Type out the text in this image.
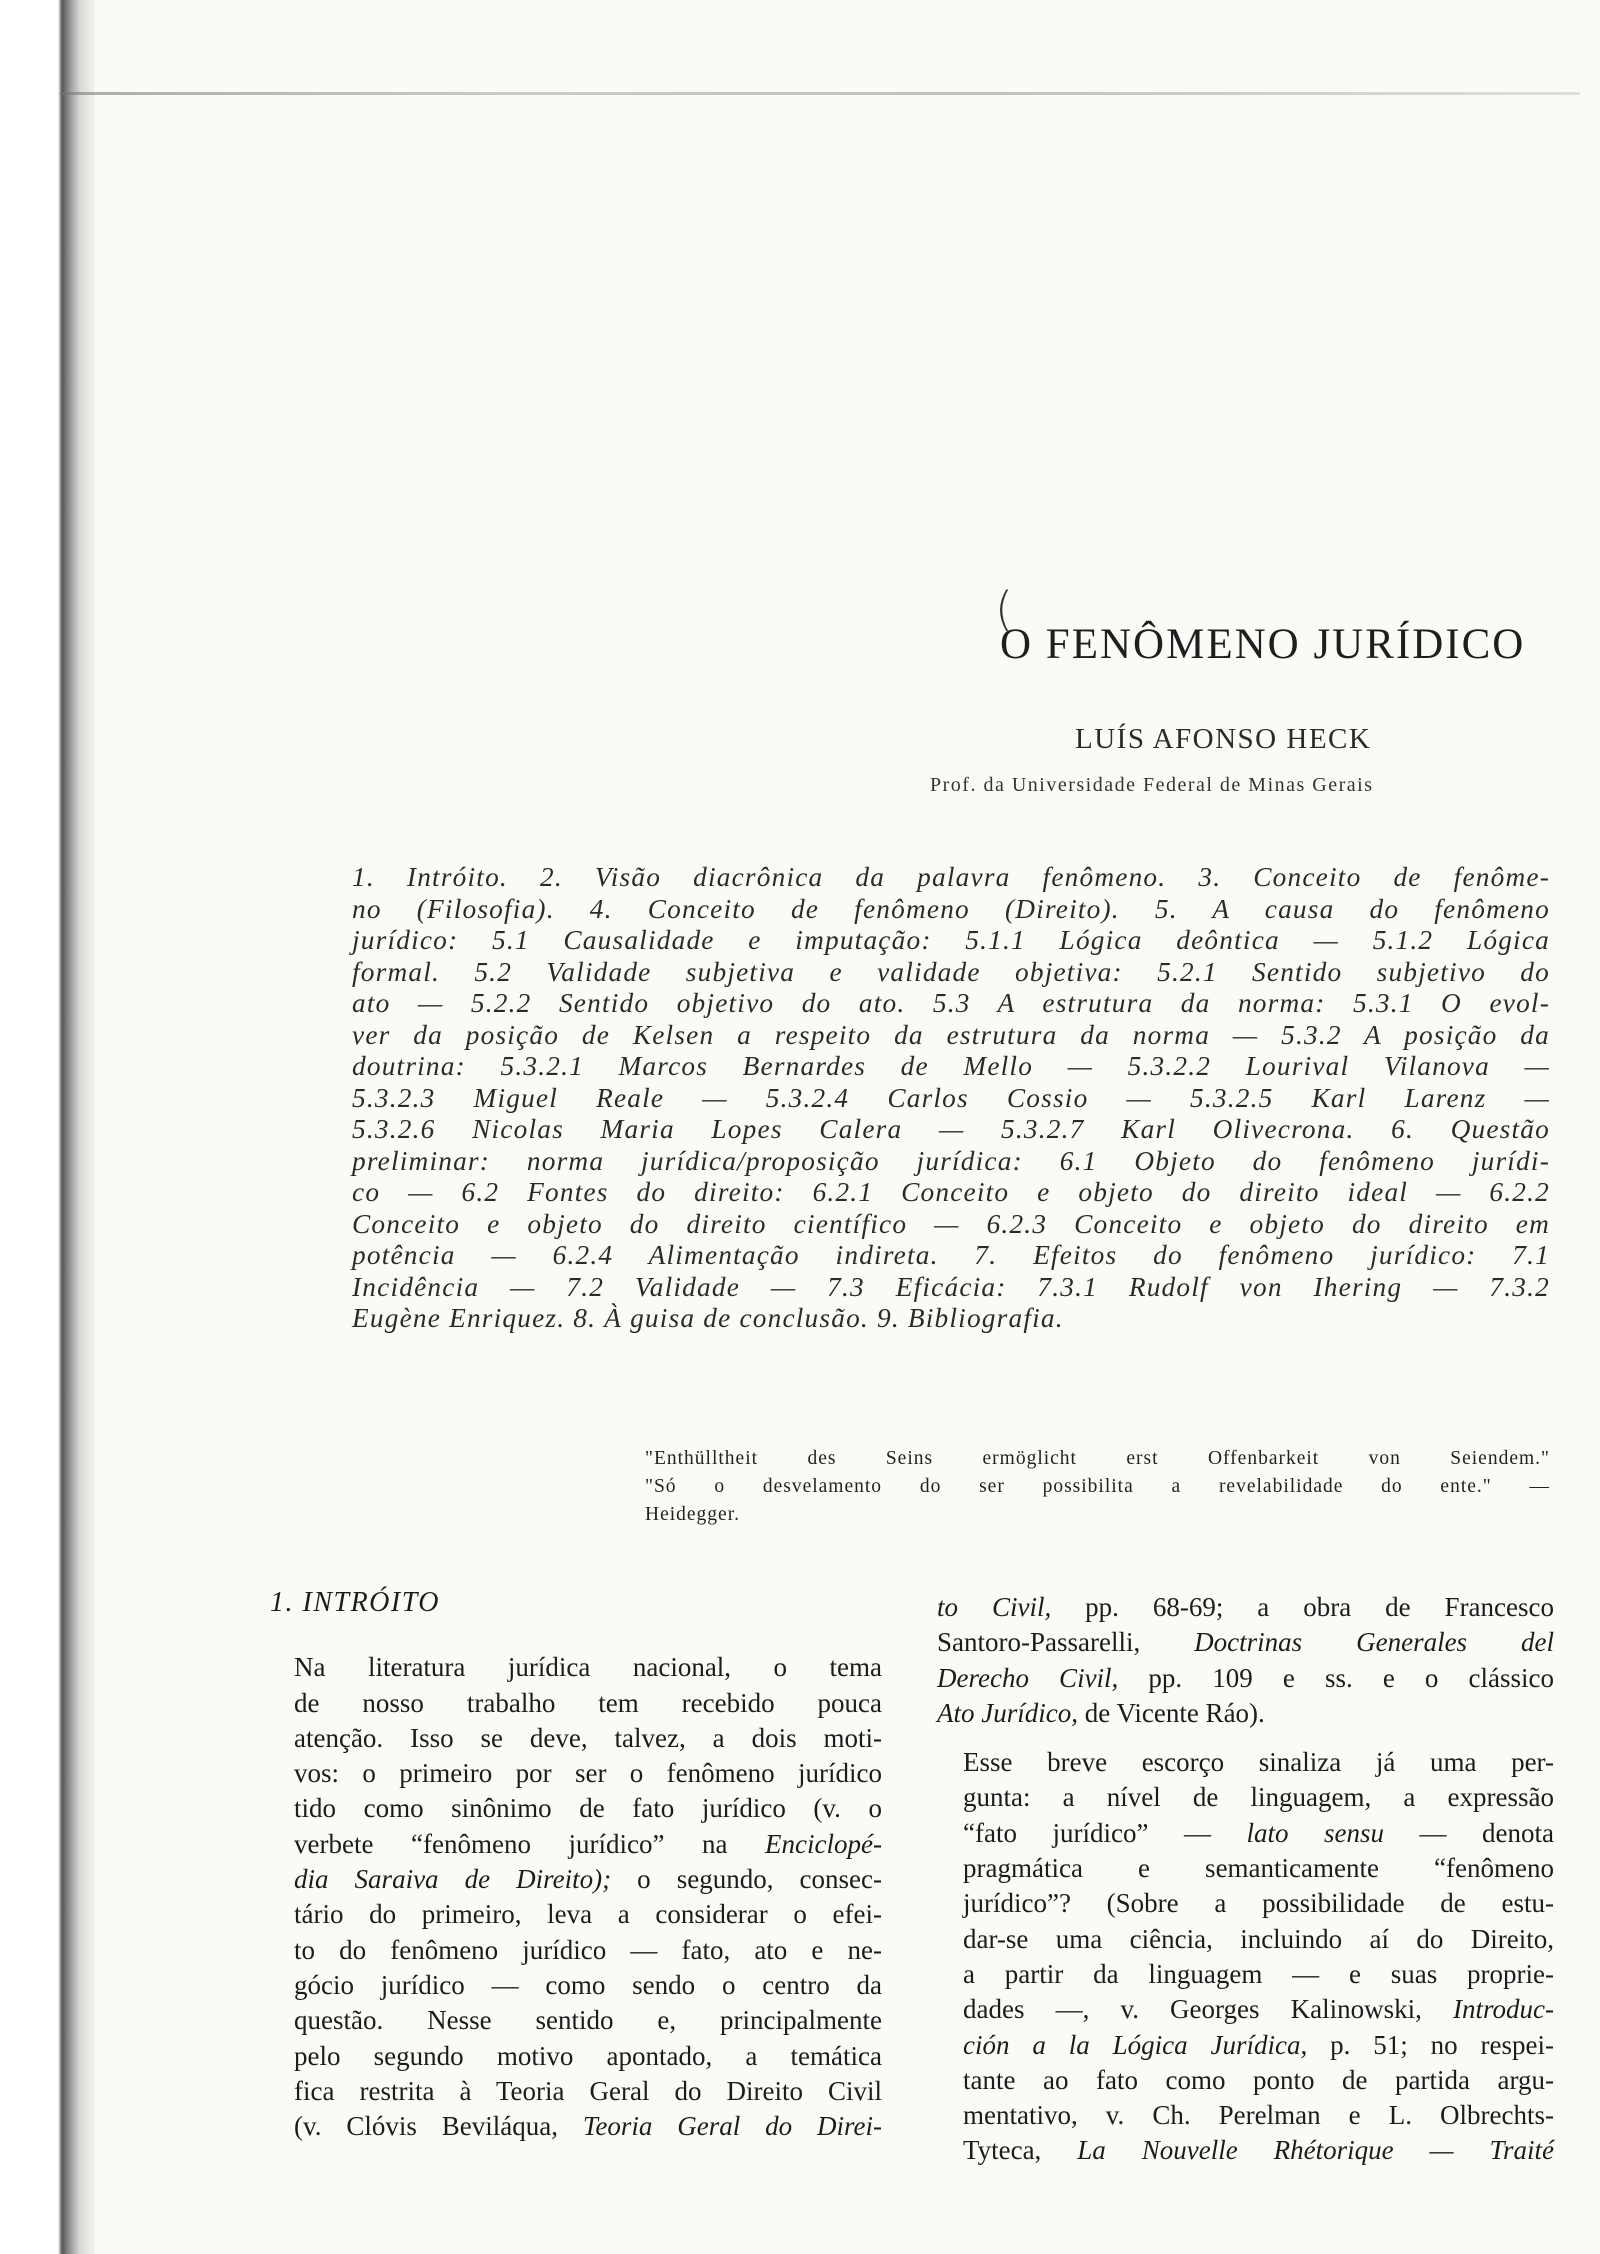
(
O FENÔMENO JURÍDICO
LUÍS AFONSO HECK
Prof. da Universidade Federal de Minas Gerais
1. Intróito. 2. Visão diacrônica da palavra fenômeno. 3. Conceito de fenôme-
no (Filosofia). 4. Conceito de fenômeno (Direito). 5. A causa do fenômeno
jurídico: 5.1 Causalidade e imputação: 5.1.1 Lógica deôntica — 5.1.2 Lógica
formal. 5.2 Validade subjetiva e validade objetiva: 5.2.1 Sentido subjetivo do
ato — 5.2.2 Sentido objetivo do ato. 5.3 A estrutura da norma: 5.3.1 O evol-
ver da posição de Kelsen a respeito da estrutura da norma — 5.3.2 A posição da
doutrina: 5.3.2.1 Marcos Bernardes de Mello — 5.3.2.2 Lourival Vilanova —
5.3.2.3 Miguel Reale — 5.3.2.4 Carlos Cossio — 5.3.2.5 Karl Larenz —
5.3.2.6 Nicolas Maria Lopes Calera — 5.3.2.7 Karl Olivecrona. 6. Questão
preliminar: norma jurídica/proposição jurídica: 6.1 Objeto do fenômeno jurídi-
co — 6.2 Fontes do direito: 6.2.1 Conceito e objeto do direito ideal — 6.2.2
Conceito e objeto do direito científico — 6.2.3 Conceito e objeto do direito em
potência — 6.2.4 Alimentação indireta. 7. Efeitos do fenômeno jurídico: 7.1
Incidência — 7.2 Validade — 7.3 Eficácia: 7.3.1 Rudolf von Ihering — 7.3.2
Eugène Enriquez. 8. À guisa de conclusão. 9. Bibliografia.
"Enthülltheit des Seins ermöglicht erst Offenbarkeit von Seiendem."
"Só o desvelamento do ser possibilita a revelabilidade do ente." —
Heidegger.
1. INTRÓITO
Na literatura jurídica nacional, o tema
de nosso trabalho tem recebido pouca
atenção. Isso se deve, talvez, a dois moti-
vos: o primeiro por ser o fenômeno jurídico
tido como sinônimo de fato jurídico (v. o
verbete “fenômeno jurídico” na Enciclopé-
dia Saraiva de Direito); o segundo, consec-
tário do primeiro, leva a considerar o efei-
to do fenômeno jurídico — fato, ato e ne-
gócio jurídico — como sendo o centro da
questão. Nesse sentido e, principalmente
pelo segundo motivo apontado, a temática
fica restrita à Teoria Geral do Direito Civil
(v. Clóvis Beviláqua, Teoria Geral do Direi-
to Civil, pp. 68-69; a obra de Francesco
Santoro-Passarelli, Doctrinas Generales del
Derecho Civil, pp. 109 e ss. e o clássico
Ato Jurídico, de Vicente Ráo).
Esse breve escorço sinaliza já uma per-
gunta: a nível de linguagem, a expressão
“fato jurídico” — lato sensu — denota
pragmática e semanticamente “fenômeno
jurídico”? (Sobre a possibilidade de estu-
dar-se uma ciência, incluindo aí do Direito,
a partir da linguagem — e suas proprie-
dades —, v. Georges Kalinowski, Introduc-
ción a la Lógica Jurídica, p. 51; no respei-
tante ao fato como ponto de partida argu-
mentativo, v. Ch. Perelman e L. Olbrechts-
Tyteca, La Nouvelle Rhétorique — Traité
